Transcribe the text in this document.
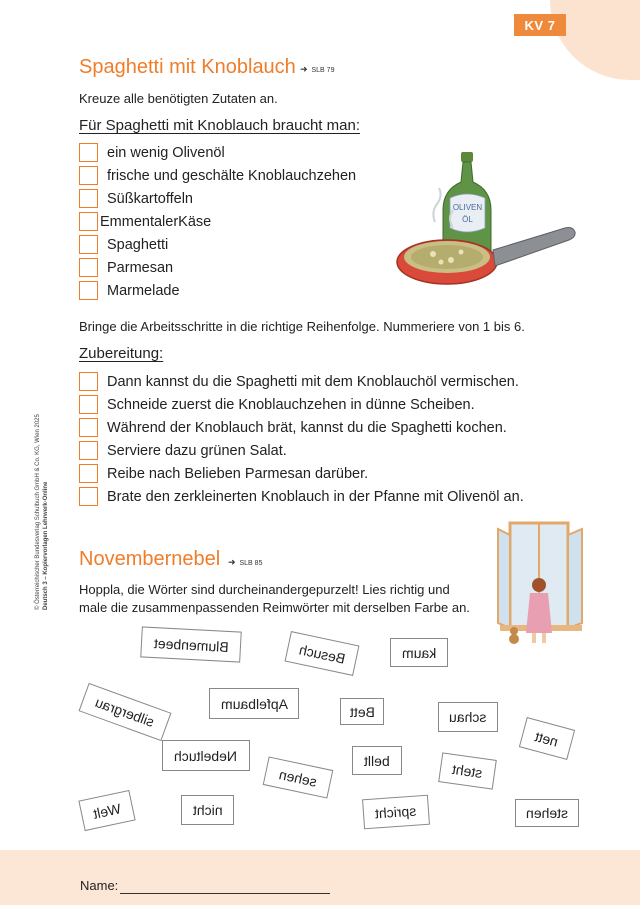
KV 7
© Österreichischer Bundesverlag Schulbuch GmbH & Co. KG, Wien 2025 Deutsch 3 – Kopiervorlagen Lehrwerk-Online
Spaghetti mit Knoblauch ➜ SLB 79
Kreuze alle benötigten Zutaten an.
Für Spaghetti mit Knoblauch braucht man:
ein wenig Olivenöl
frische und geschälte Knoblauchzehen
Süßkartoffeln
EmmentalerKäse
Spaghetti
Parmesan
Marmelade
OLIVEN
ÖL
Bringe die Arbeitsschritte in die richtige Reihenfolge. Nummeriere von 1 bis 6.
Zubereitung:
Dann kannst du die Spaghetti mit dem Knoblauchöl vermischen.
Schneide zuerst die Knoblauchzehen in dünne Scheiben.
Während der Knoblauch brät, kannst du die Spaghetti kochen.
Serviere dazu grünen Salat.
Reibe nach Belieben Parmesan darüber.
Brate den zerkleinerten Knoblauch in der Pfanne mit Olivenöl an.
Novembernebel ➜ SLB 85
Hoppla, die Wörter sind durcheinandergepurzelt! Lies richtig und
male die zusammenpassenden Reimwörter mit derselben Farbe an.
Blumenbeet	Besuch	kaum
silbergrau	Apfelbaum	Bett	schau
nett
Nebeltuch
sehen
bellt
steht
Welt	nicht	spricht	stehen
Name:
